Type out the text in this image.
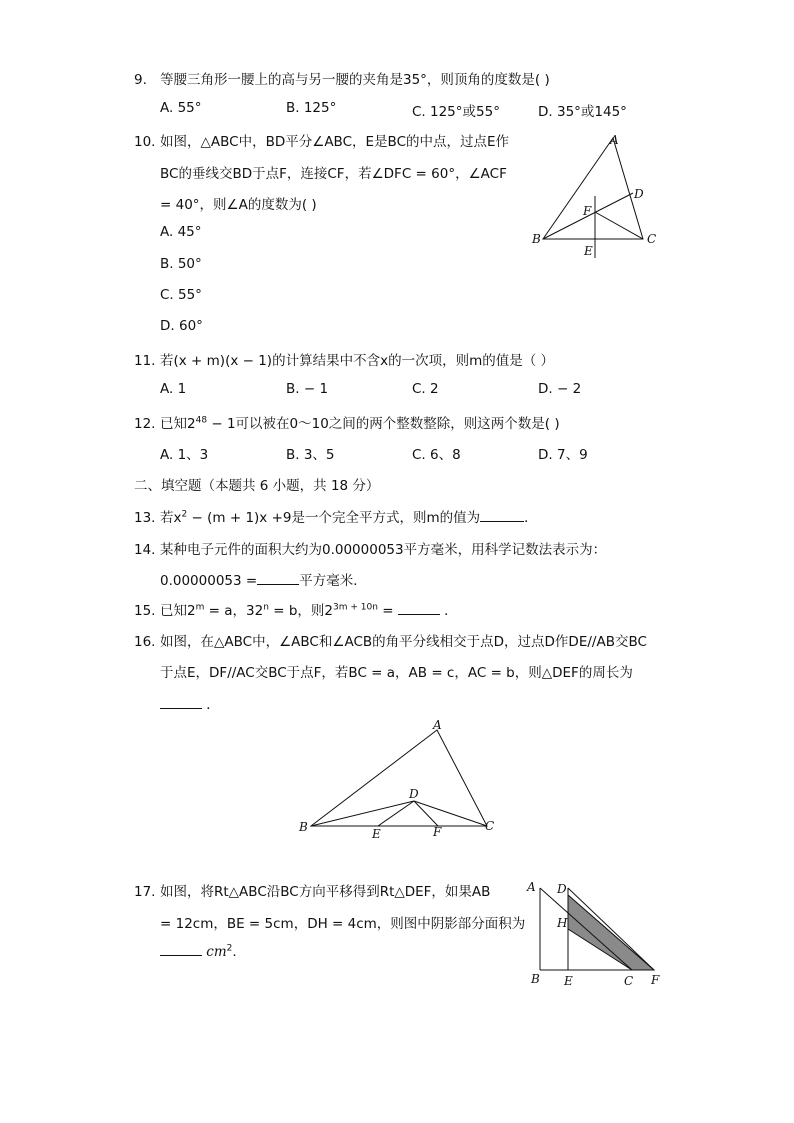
9. 等腰三角形一腰上的高与另一腰的夹角是35°，则顶角的度数是( )
A. 55°	B. 125°	C. 125°或55°	D. 35°或145°
10. 如图，△ABC中，BD平分∠ABC，E是BC的中点，过点E作
BC的垂线交BD于点F，连接CF，若∠DFC = 60°，∠ACF
= 40°，则∠A的度数为( )
A. 45°
B. 50°
C. 55°
D. 60°
A
B	C
D
E
F
11. 若(x + m)(x − 1)的计算结果中不含x的一次项，则m的值是（ ）
A. 1	B. − 1	C. 2	D. − 2
12. 已知$2^{48} - 1$可以被在0～10之间的两个整数整除，则这两个数是( )
A. 1、3	B. 3、5	C. 6、8	D. 7、9
二、填空题（本题共 6 小题，共 18 分）
13. 若$x^2 - (m + 1)x +9$是一个完全平方式，则m的值为	．
14. 某种电子元件的面积大约为0.00000053平方毫米，用科学记数法表示为：
0.00000053 =	平方毫米．
15. 已知$2^m = a$，$32^n = b$，则$2^{3m + 10n}$ =	．
16. 如图，在△ABC中，∠ABC和∠ACB的角平分线相交于点D，过点D作DE//AB交BC
于点E，DF//AC交BC于点F，若BC = a，AB = c，AC = b，则△DEF的周长为
．
A
B	C
D
E	F
17. 如图，将Rt△ABC沿BC方向平移得到Rt△DEF，如果AB
= 12cm，BE = 5cm，DH = 4cm，则图中阴影部分面积为
$cm^2$.
A D
H
B E	C F
